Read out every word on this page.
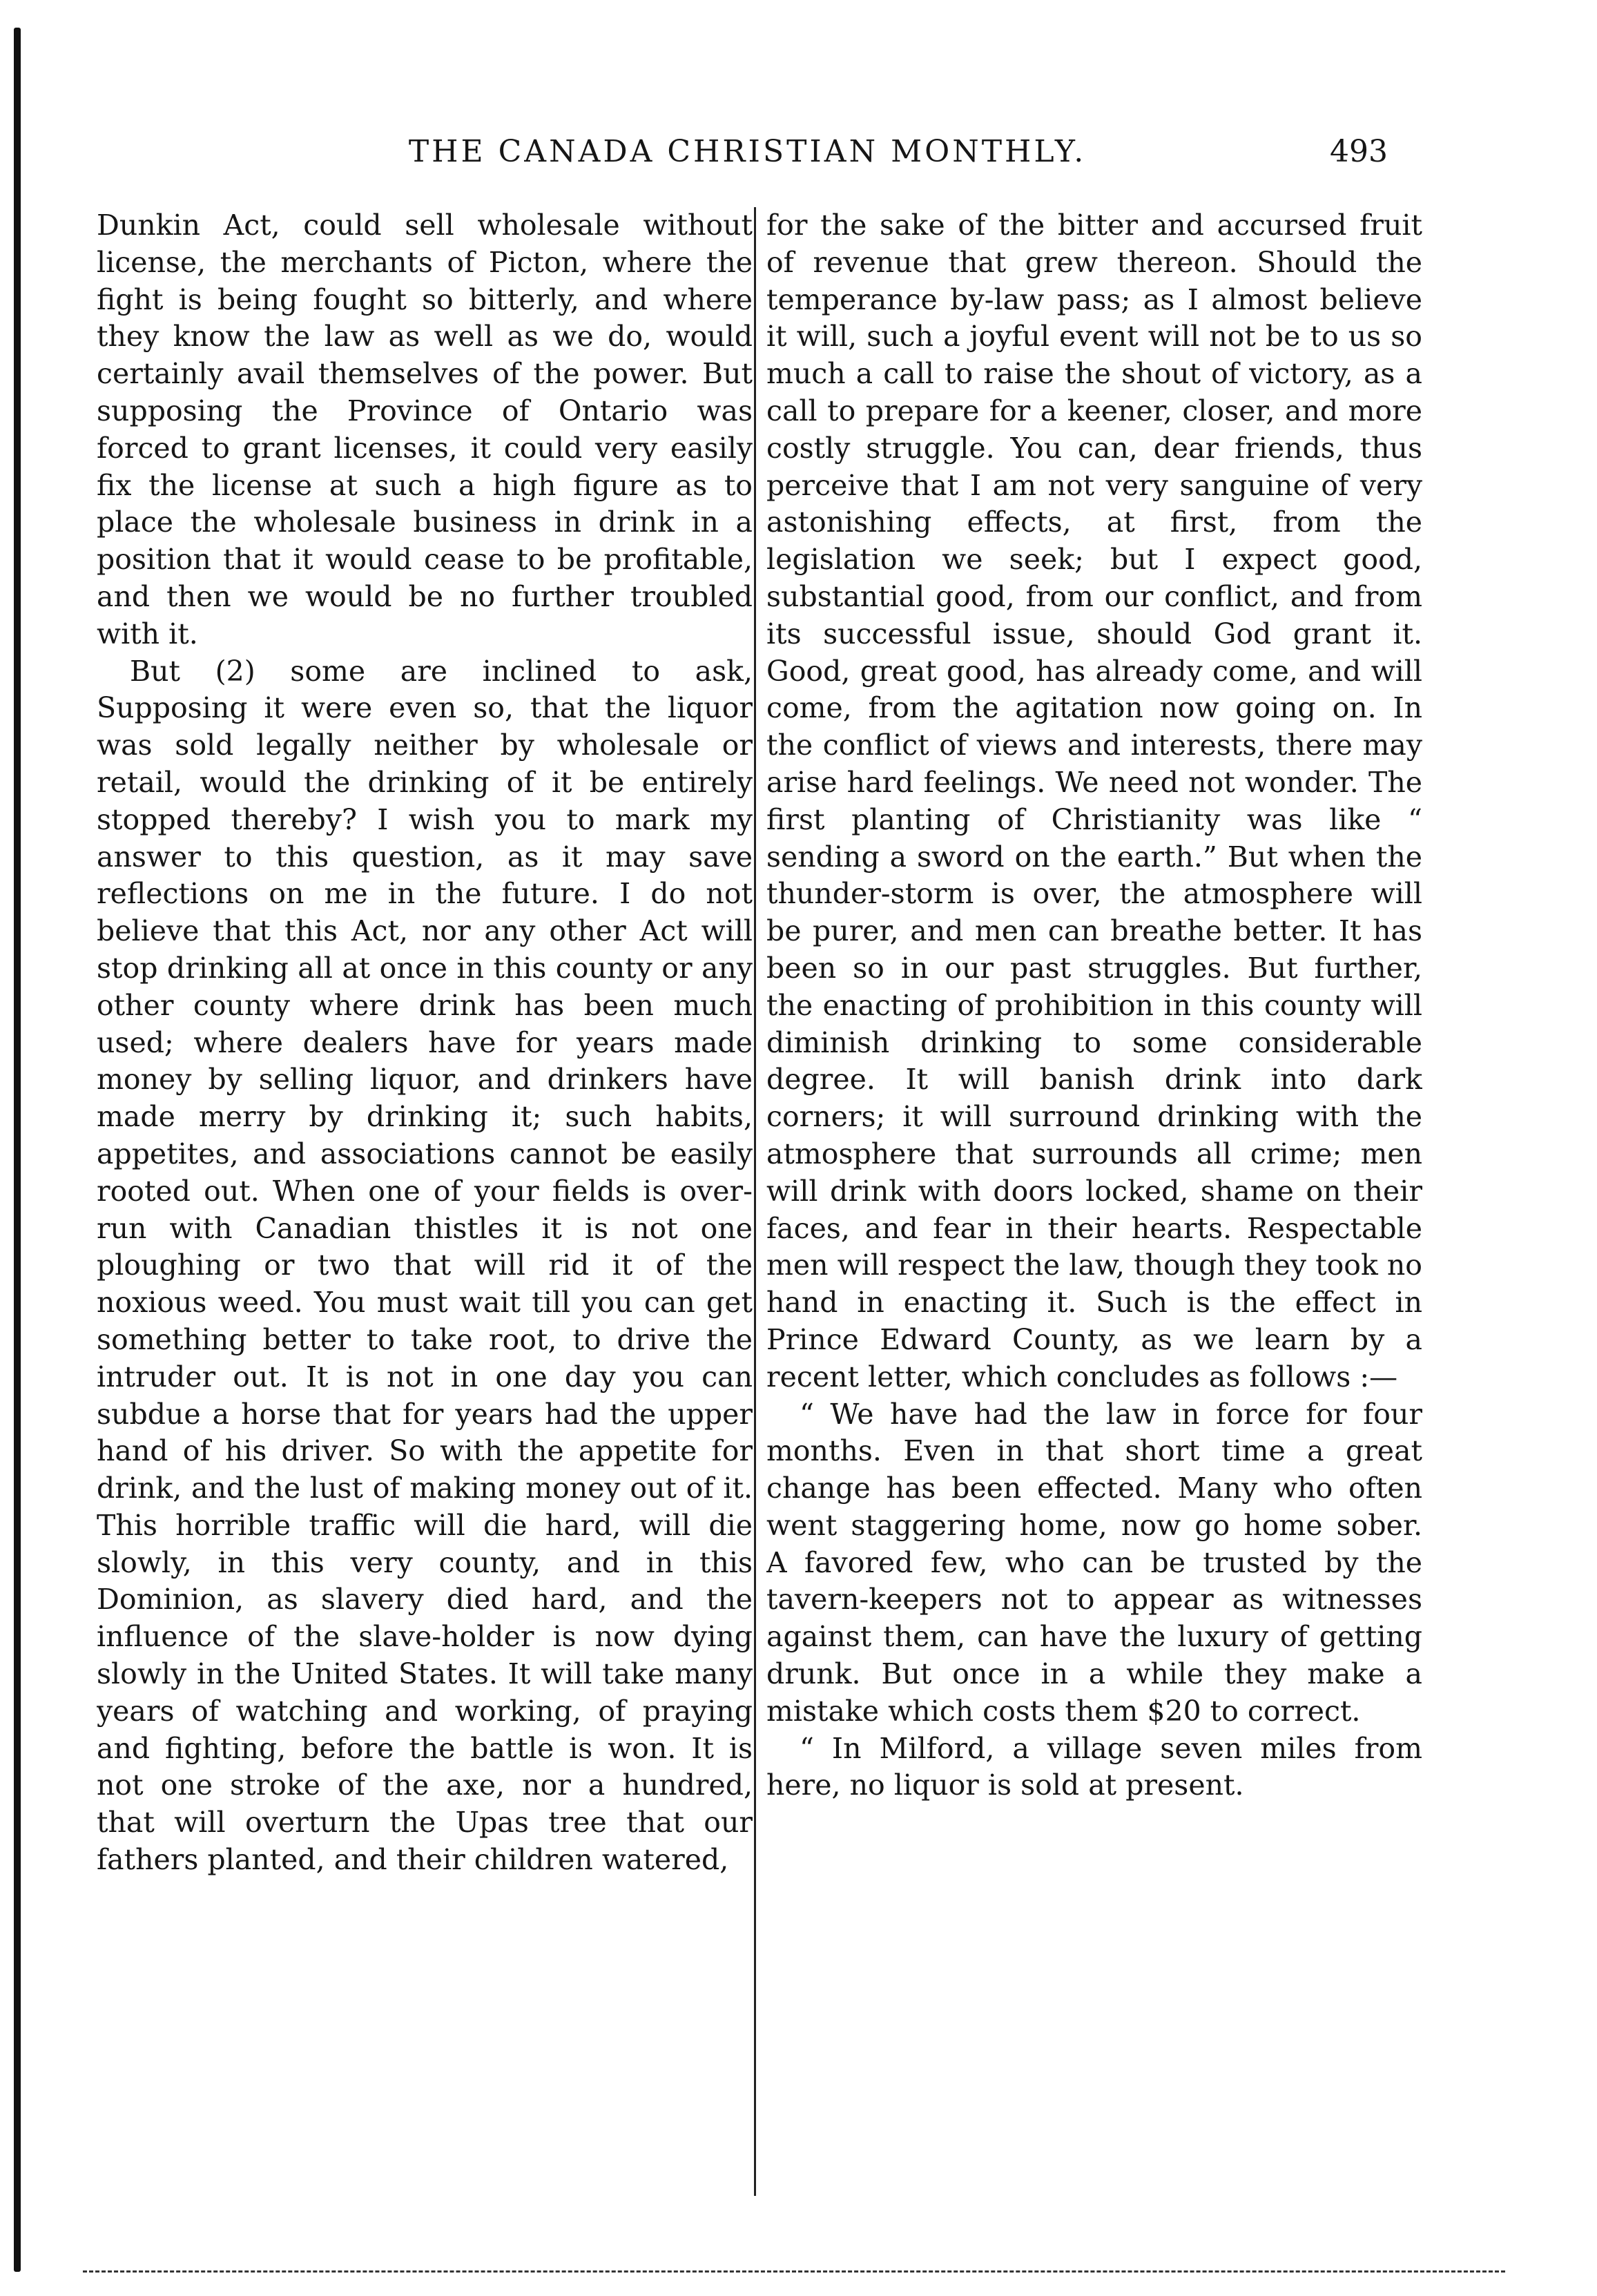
THE CANADA CHRISTIAN MONTHLY.	493

Dunkin Act, could sell wholesale without license, the merchants of Picton, where the fight is being fought so bitterly, and where they know the law as well as we do, would certainly avail themselves of the power. But supposing the Province of Ontario was forced to grant licenses, it could very easily fix the license at such a high figure as to place the wholesale business in drink in a position that it would cease to be profitable, and then we would be no further troubled with it.

But (2) some are inclined to ask, Supposing it were even so, that the liquor was sold legally neither by wholesale or retail, would the drinking of it be entirely stopped thereby? I wish you to mark my answer to this question, as it may save reflections on me in the future. I do not believe that this Act, nor any other Act will stop drinking all at once in this county or any other county where drink has been much used; where dealers have for years made money by selling liquor, and drinkers have made merry by drinking it; such habits, appetites, and associations cannot be easily rooted out. When one of your fields is over-run with Canadian thistles it is not one ploughing or two that will rid it of the noxious weed. You must wait till you can get something better to take root, to drive the intruder out. It is not in one day you can subdue a horse that for years had the upper hand of his driver. So with the appetite for drink, and the lust of making money out of it. This horrible traffic will die hard, will die slowly, in this very county, and in this Dominion, as slavery died hard, and the influence of the slave-holder is now dying slowly in the United States. It will take many years of watching and working, of praying and fighting, before the battle is won. It is not one stroke of the axe, nor a hundred, that will overturn the Upas tree that our fathers planted, and their children watered,

for the sake of the bitter and accursed fruit of revenue that grew thereon. Should the temperance by-law pass; as I almost believe it will, such a joyful event will not be to us so much a call to raise the shout of victory, as a call to prepare for a keener, closer, and more costly struggle. You can, dear friends, thus perceive that I am not very sanguine of very astonishing effects, at first, from the legislation we seek; but I expect good, substantial good, from our conflict, and from its successful issue, should God grant it. Good, great good, has already come, and will come, from the agitation now going on. In the conflict of views and interests, there may arise hard feelings. We need not wonder. The first planting of Christianity was like “ sending a sword on the earth.” But when the thunder-storm is over, the atmosphere will be purer, and men can breathe better. It has been so in our past struggles. But further, the enacting of prohibition in this county will diminish drinking to some considerable degree. It will banish drink into dark corners; it will surround drinking with the atmosphere that surrounds all crime; men will drink with doors locked, shame on their faces, and fear in their hearts. Respectable men will respect the law, though they took no hand in enacting it. Such is the effect in Prince Edward County, as we learn by a recent letter, which concludes as follows :—

“ We have had the law in force for four months. Even in that short time a great change has been effected. Many who often went staggering home, now go home sober. A favored few, who can be trusted by the tavern-keepers not to appear as witnesses against them, can have the luxury of getting drunk. But once in a while they make a mistake which costs them $20 to correct.

“ In Milford, a village seven miles from here, no liquor is sold at present.
